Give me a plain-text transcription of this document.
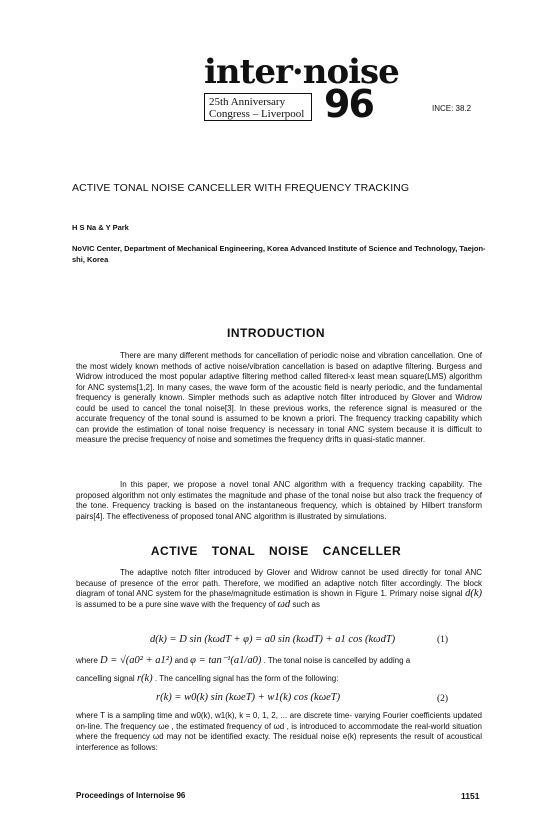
inter·noise
25th Anniversary
Congress – Liverpool 96	INCE: 38.2
ACTIVE TONAL NOISE CANCELLER WITH FREQUENCY TRACKING
H S Na & Y Park
NoVIC Center, Department of Mechanical Engineering, Korea Advanced Institute of Science and Technology, Taejon-shi, Korea
INTRODUCTION
There are many different methods for cancellation of periodic noise and vibration cancellation. One of the most widely known methods of active noise/vibration cancellation is based on adaptive filtering. Burgess and Widrow introduced the most popular adaptive filtering method called filtered-x least mean square(LMS) algorithm for ANC systems[1,2]. In many cases, the wave form of the acoustic field is nearly periodic, and the fundamental frequency is generally known. Simpler methods such as adaptive notch filter introduced by Glover and Widrow could be used to cancel the tonal noise[3]. In these previous works, the reference signal is measured or the accurate frequency of the tonal sound is assumed to be known a priori. The frequency tracking capability which can provide the estimation of tonal noise frequency is necessary in tonal ANC system because it is difficult to measure the precise frequency of noise and sometimes the frequency drifts in quasi-static manner.
In this paper, we propose a novel tonal ANC algorithm with a frequency tracking capability. The proposed algorithm not only estimates the magnitude and phase of the tonal noise but also track the frequency of the tone. Frequency tracking is based on the instantaneous frequency, which is obtained by Hilbert transform pairs[4]. The effectiveness of proposed tonal ANC algorithm is illustrated by simulations.
ACTIVE TONAL NOISE CANCELLER
The adaptive notch filter introduced by Glover and Widrow cannot be used directly for tonal ANC because of presence of the error path. Therefore, we modified an adaptive notch filter accordingly. The block diagram of tonal ANC system for the phase/magnitude estimation is shown in Figure 1. Primary noise signal d(k) is assumed to be a pure sine wave with the frequency of ωd such as
d(k) = D sin (kωdT + φ) = a0 sin (kωdT) + a1 cos (kωdT)	(1)
where D = √(a0² + a1²) and φ = tan⁻¹(a1/a0) . The tonal noise is cancelled by adding a
cancelling signal r(k) . The cancelling signal has the form of the following:
r(k) = w0(k) sin (kωeT) + w1(k) cos (kωeT)	(2)
where T is a sampling time and w0(k), w1(k), k = 0, 1, 2, ... are discrete time- varying Fourier coefficients updated on-line. The frequency ωe , the estimated frequency of ωd , is introduced to accommodate the real-world situation where the frequency ωd may not be identified exacty. The residual noise e(k) represents the result of acoustical interference as follows:
Proceedings of Internoise 96	1151
